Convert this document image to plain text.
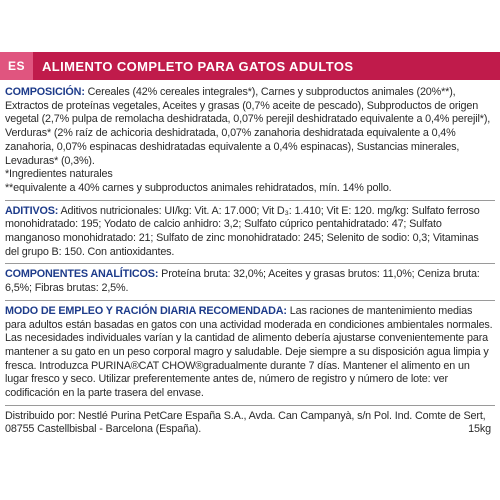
ES	ALIMENTO COMPLETO PARA GATOS ADULTOS
COMPOSICIÓN: Cereales (42% cereales integrales*), Carnes y subproductos animales (20%**), Extractos de proteínas vegetales, Aceites y grasas (0,7% aceite de pescado), Subproductos de origen vegetal (2,7% pulpa de remolacha deshidratada, 0,07% perejil deshidratado equivalente a 0,4% perejil*), Verduras* (2% raíz de achicoria deshidratada, 0,07% zanahoria deshidratada equivalente a 0,4% zanahoria, 0,07% espinacas deshidratadas equivalente a 0,4% espinacas), Sustancias minerales, Levaduras* (0,3%).
*Ingredientes naturales
**equivalente a 40% carnes y subproductos animales rehidratados, mín. 14% pollo.
ADITIVOS: Aditivos nutricionales: UI/kg: Vit. A: 17.000; Vit D₃: 1.410; Vit E: 120. mg/kg: Sulfato ferroso monohidratado: 195; Yodato de calcio anhidro: 3,2; Sulfato cúprico pentahidratado: 47; Sulfato manganoso monohidratado: 21; Sulfato de zinc monohidratado: 245; Selenito de sodio: 0,3; Vitaminas del grupo B: 150. Con antioxidantes.
COMPONENTES ANALÍTICOS: Proteína bruta: 32,0%; Aceites y grasas brutos: 11,0%; Ceniza bruta: 6,5%; Fibras brutas: 2,5%.
MODO DE EMPLEO Y RACIÓN DIARIA RECOMENDADA: Las raciones de mantenimiento medias para adultos están basadas en gatos con una actividad moderada en condiciones ambientales normales. Las necesidades individuales varían y la cantidad de alimento debería ajustarse convenientemente para mantener a su gato en un peso corporal magro y saludable. Deje siempre a su disposición agua limpia y fresca. Introduzca PURINA®CAT CHOW®gradualmente durante 7 días. Mantener el alimento en un lugar fresco y seco. Utilizar preferentemente antes de, número de registro y número de lote: ver codificación en la parte trasera del envase.
Distribuido por: Nestlé Purina PetCare España S.A., Avda. Can Campanyà, s/n Pol. Ind. Comte de Sert, 08755 Castellbisbal - Barcelona (España).	15kg
